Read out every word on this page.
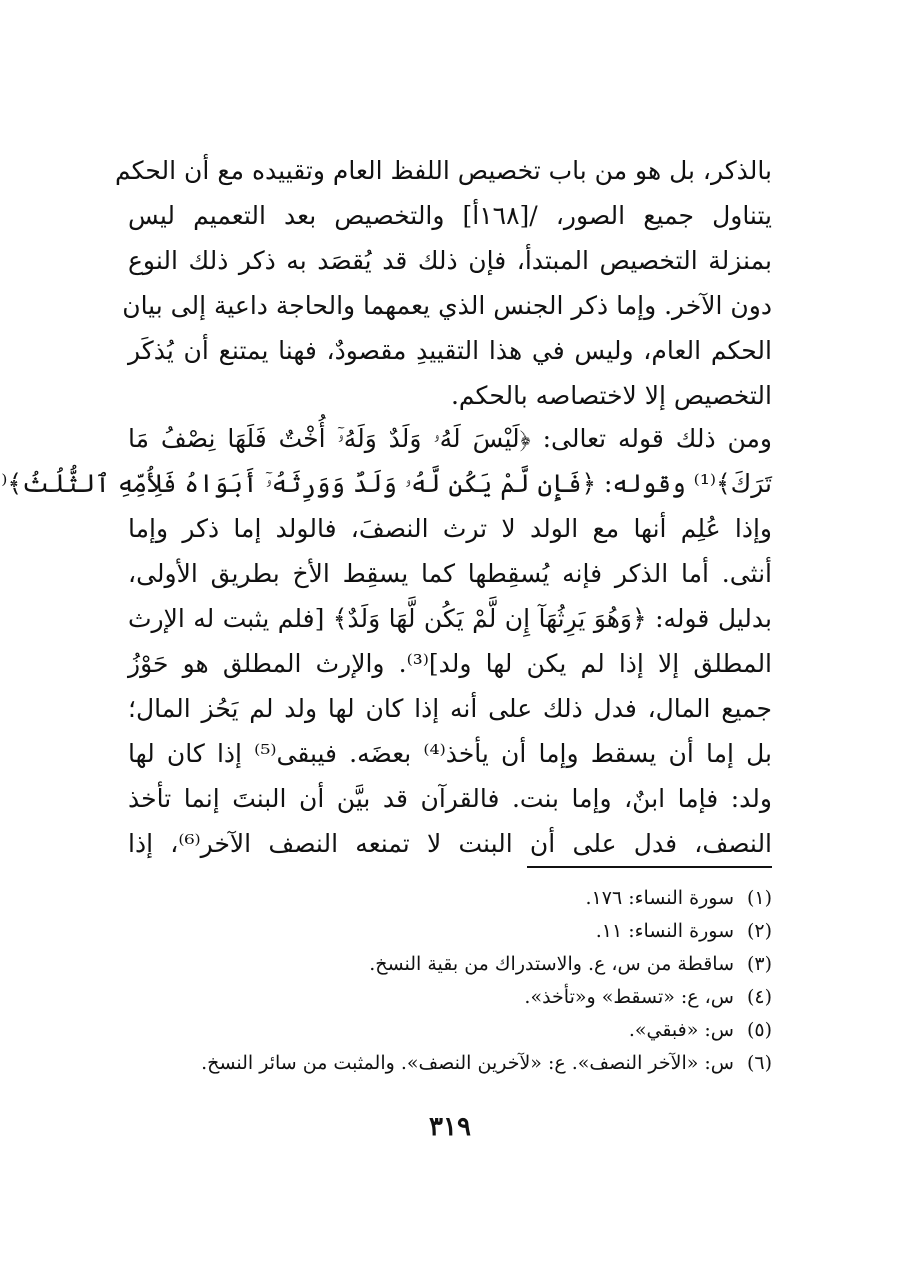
بالذكر، بل هو من باب تخصيص اللفظ العام وتقييده مع أن الحكم
يتناول جميع الصور، /[١٦٨أ] والتخصيص بعد التعميم ليس
بمنزلة التخصيص المبتدأ، فإن ذلك قد يُقصَد به ذكر ذلك النوع
دون الآخر. وإما ذكر الجنس الذي يعمهما والحاجة داعية إلى بيان
الحكم العام، وليس في هذا التقييدِ مقصودٌ، فهنا يمتنع أن يُذكَر
التخصيص إلا لاختصاصه بالحكم.
ومن ذلك قوله تعالى: ﴿لَيْسَ لَهُۥ وَلَدٌ وَلَهُۥٓ أُخْتٌ فَلَهَا نِصْفُ مَا
تَرَكَ﴾⁽¹⁾ وقوله: ﴿فَإِن لَّمْ يَكُن لَّهُۥ وَلَدٌ وَوَرِثَهُۥٓ أَبَوَاهُ فَلِأُمِّهِ ٱلثُّلُثُ﴾⁽
وإذا عُلِم أنها مع الولد لا ترث النصفَ، فالولد إما ذكر وإما
أنثى. أما الذكر فإنه يُسقِطها كما يسقِط الأخ بطريق الأولى،
بدليل قوله: ﴿وَهُوَ يَرِثُهَآ إِن لَّمْ يَكُن لَّهَا وَلَدٌ﴾ [فلم يثبت له الإرث
المطلق إلا إذا لم يكن لها ولد]⁽³⁾. والإرث المطلق هو حَوْزُ
جميع المال، فدل ذلك على أنه إذا كان لها ولد لم يَحُز المال؛
بل إما أن يسقط وإما أن يأخذ⁽⁴⁾ بعضَه. فيبقى⁽⁵⁾ إذا كان لها
ولد: فإما ابنٌ، وإما بنت. فالقرآن قد بيَّن أن البنتَ إنما تأخذ
النصف، فدل على أن البنت لا تمنعه النصف الآخر⁽⁶⁾، إذا
(١)سورة النساء: ١٧٦.
(٢)سورة النساء: ١١.
(٣)ساقطة من س، ع. والاستدراك من بقية النسخ.
(٤)س، ع: «تسقط» و«تأخذ».
(٥)س: «فبقي».
(٦)س: «الآخر النصف». ع: «لآخرين النصف». والمثبت من سائر النسخ.
٣١٩
